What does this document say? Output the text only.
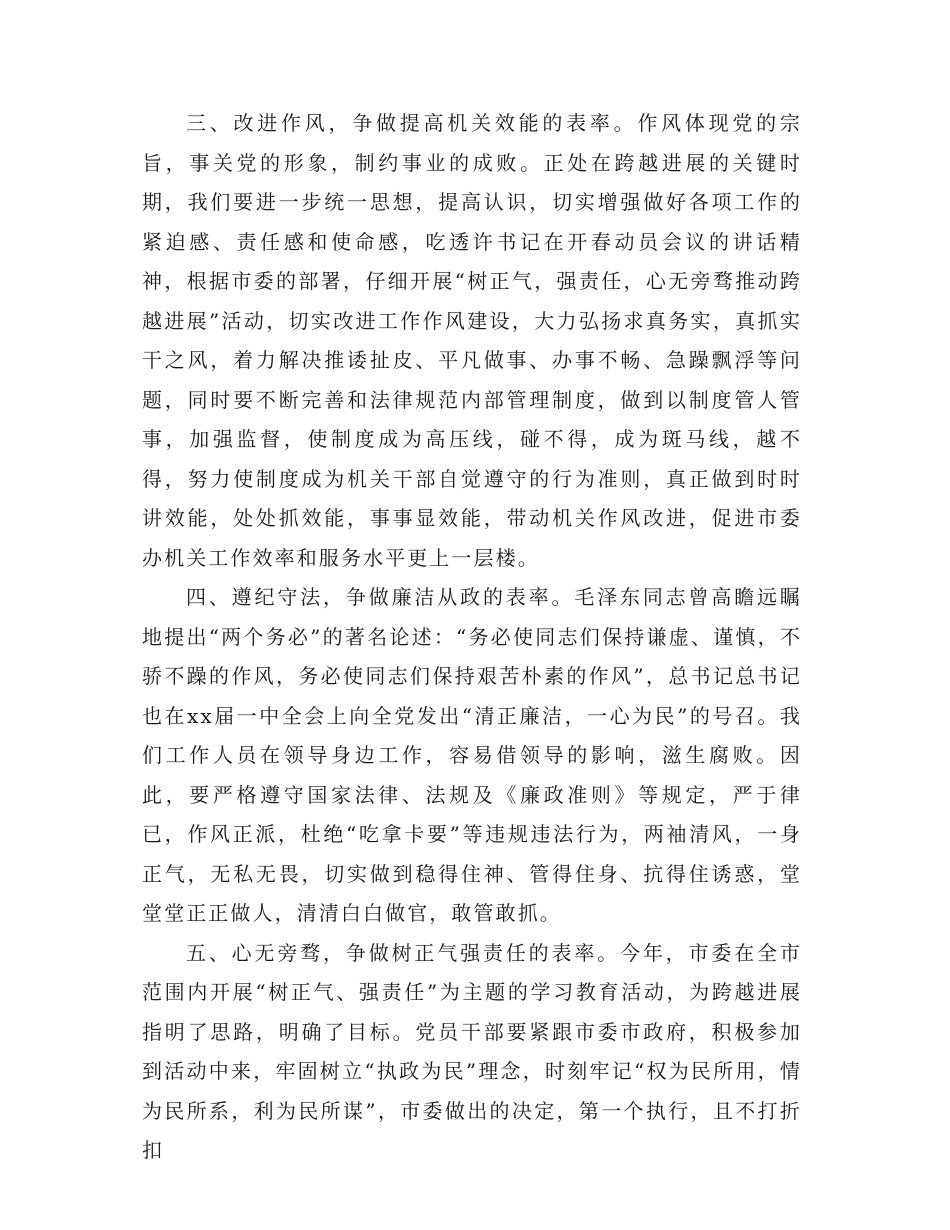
三、改进作风，争做提高机关效能的表率。作风体现党的宗旨，事关党的形象，制约事业的成败。正处在跨越进展的关键时期，我们要进一步统一思想，提高认识，切实增强做好各项工作的紧迫感、责任感和使命感，吃透许书记在开春动员会议的讲话精神，根据市委的部署，仔细开展“树正气，强责任，心无旁骛推动跨越进展”活动，切实改进工作作风建设，大力弘扬求真务实，真抓实干之风，着力解决推诿扯皮、平凡做事、办事不畅、急躁飘浮等问题，同时要不断完善和法律规范内部管理制度，做到以制度管人管事，加强监督，使制度成为高压线，碰不得，成为斑马线，越不得，努力使制度成为机关干部自觉遵守的行为准则，真正做到时时讲效能，处处抓效能，事事显效能，带动机关作风改进，促进市委办机关工作效率和服务水平更上一层楼。

四、遵纪守法，争做廉洁从政的表率。毛泽东同志曾高瞻远瞩地提出“两个务必”的著名论述：“务必使同志们保持谦虚、谨慎，不骄不躁的作风，务必使同志们保持艰苦朴素的作风”，总书记总书记也在xx届一中全会上向全党发出“清正廉洁，一心为民”的号召。我们工作人员在领导身边工作，容易借领导的影响，滋生腐败。因此，要严格遵守国家法律、法规及《廉政准则》等规定，严于律已，作风正派，杜绝“吃拿卡要”等违规违法行为，两袖清风，一身正气，无私无畏，切实做到稳得住神、管得住身、抗得住诱惑，堂堂堂正正做人，清清白白做官，敢管敢抓。

五、心无旁骛，争做树正气强责任的表率。今年，市委在全市范围内开展“树正气、强责任”为主题的学习教育活动，为跨越进展指明了思路，明确了目标。党员干部要紧跟市委市政府，积极参加到活动中来，牢固树立“执政为民”理念，时刻牢记“权为民所用，情为民所系，利为民所谋”，市委做出的决定，第一个执行，且不打折扣
